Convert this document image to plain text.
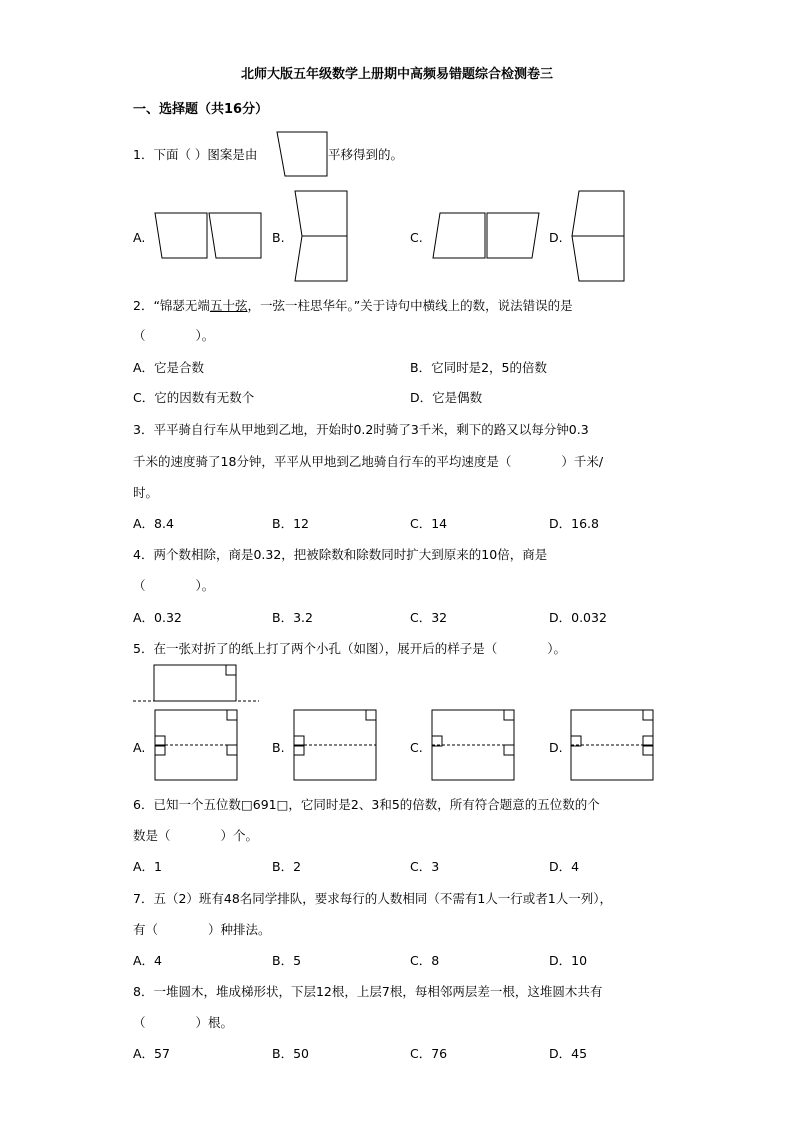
北师大版五年级数学上册期中高频易错题综合检测卷三
一、选择题（共16分）
1．下面（ ）图案是由	平移得到的。
A.	B.	C.	D.
2．“锦瑟无端五十弦，一弦一柱思华年。”关于诗句中横线上的数，说法错误的是
（　　　　）。
A．它是合数	B．它同时是2，5的倍数
C．它的因数有无数个	D．它是偶数
3．平平骑自行车从甲地到乙地，开始时0.2时骑了3千米，剩下的路又以每分钟0.3
千米的速度骑了18分钟，平平从甲地到乙地骑自行车的平均速度是（　　　　）千米/
时。
A．8.4	B．12	C．14	D．16.8
4．两个数相除，商是0.32，把被除数和除数同时扩大到原来的10倍，商是
（　　　　）。
A．0.32	B．3.2	C．32	D．0.032
5．在一张对折了的纸上打了两个小孔（如图），展开后的样子是（　　　　）。
A.	B.	C.	D.
6．已知一个五位数□691□，它同时是2、3和5的倍数，所有符合题意的五位数的个
数是（　　　　）个。
A．1	B．2	C．3	D．4
7．五（2）班有48名同学排队，要求每行的人数相同（不需有1人一行或者1人一列），
有（　　　　）种排法。
A．4	B．5	C．8	D．10
8．一堆圆木，堆成梯形状，下层12根，上层7根，每相邻两层差一根，这堆圆木共有
（　　　　）根。
A．57	B．50	C．76	D．45
